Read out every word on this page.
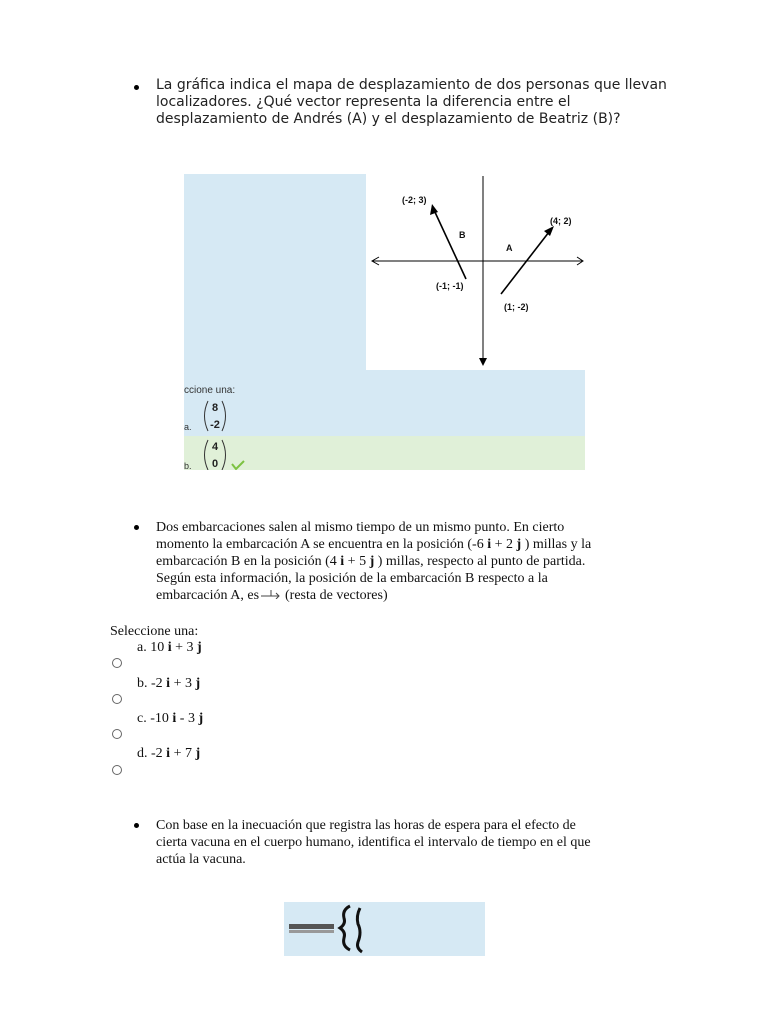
La gráfica indica el mapa de desplazamiento de dos personas que llevan localizadores. ¿Qué vector representa la diferencia entre el desplazamiento de Andrés (A) y el desplazamiento de Beatriz (B)?
(-2; 3)
B
(-1; -1)
(4; 2)
A
(1; -2)
ccione una:
a.
8
-2
b.
4
0
Dos embarcaciones salen al mismo tiempo de un mismo punto. En cierto
momento la embarcación A se encuentra en la posición (-6 i + 2 j ) millas y la
embarcación B en la posición (4 i + 5 j ) millas, respecto al punto de partida.
Según esta información, la posición de la embarcación B respecto a la
embarcación A, es (resta de vectores)
Seleccione una:
a. 10 i + 3 j
b. -2 i + 3 j
c. -10 i - 3 j
d. -2 i + 7 j
Con base en la inecuación que registra las horas de espera para el efecto de
cierta vacuna en el cuerpo humano, identifica el intervalo de tiempo en el que
actúa la vacuna.
